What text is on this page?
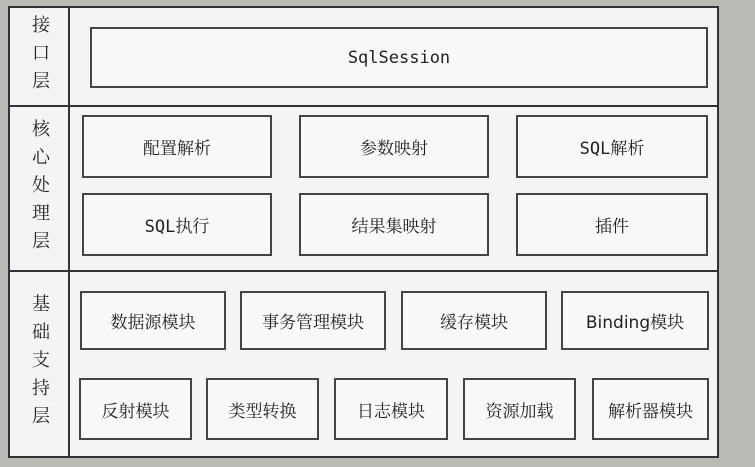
接口层	SqlSession
核心处理层	配置解析	参数映射	SQL解析
SQL执行	结果集映射	插件
基础支持层	数据源模块	事务管理模块	缓存模块	Binding模块
反射模块	类型转换	日志模块	资源加载	解析器模块
